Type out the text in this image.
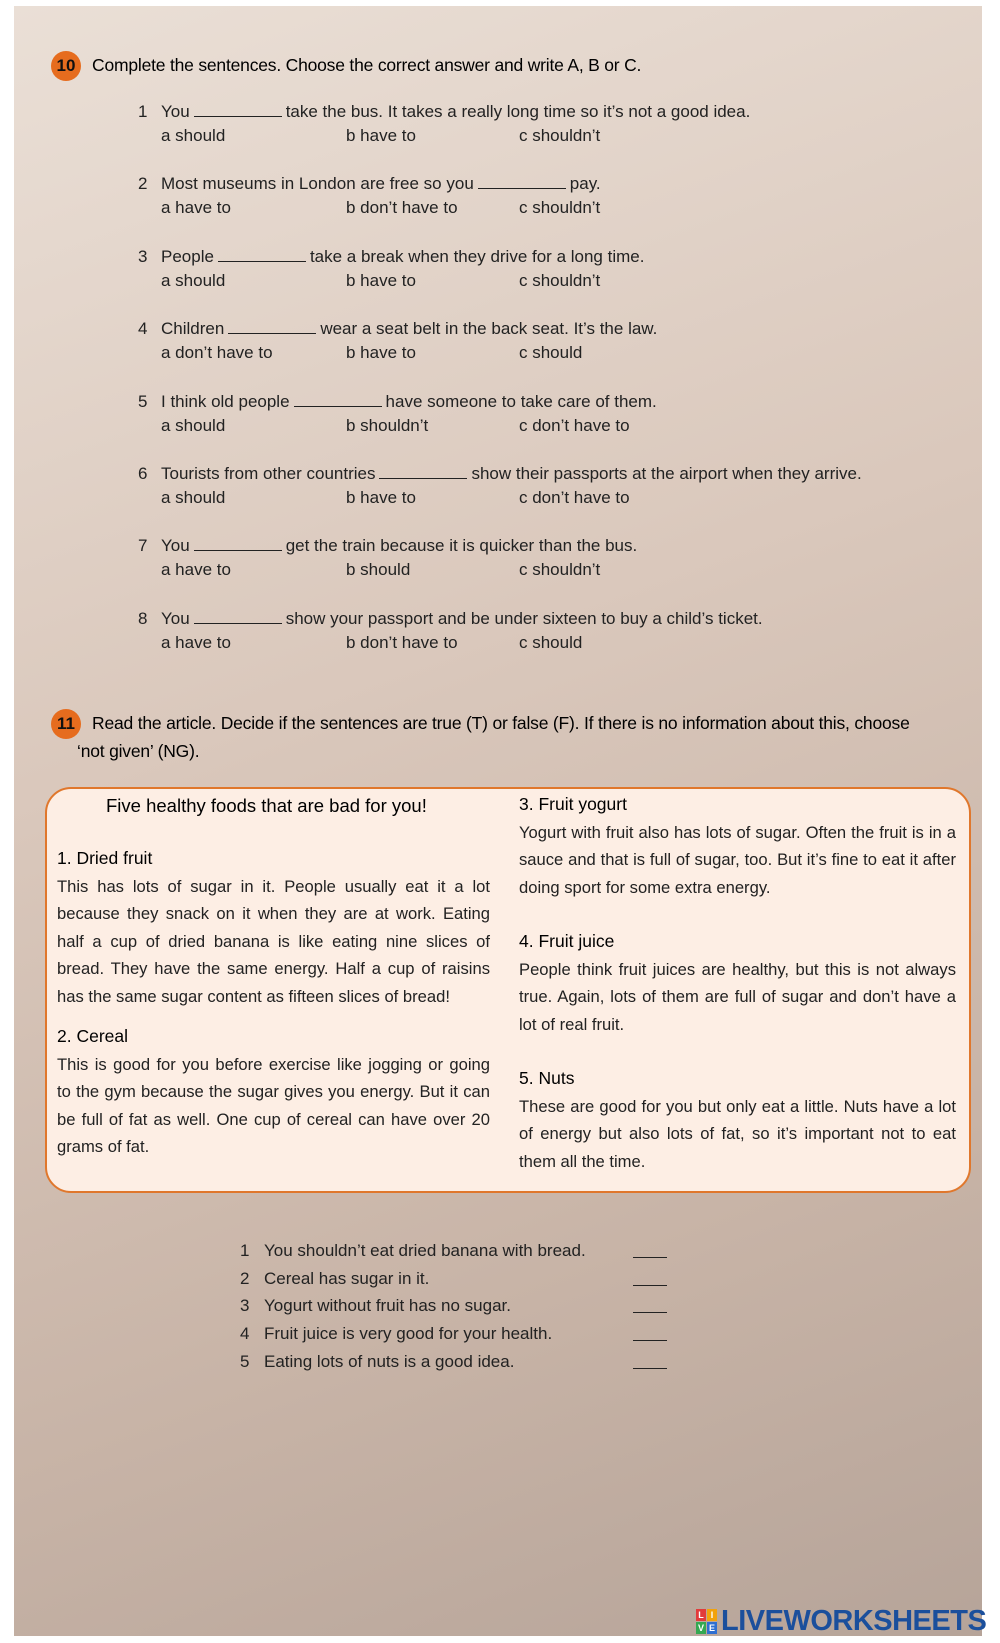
10 Complete the sentences. Choose the correct answer and write A, B or C.
1 You	take the bus. It takes a really long time so it’s not a good idea.
a should	b have to	c shouldn’t
2 Most museums in London are free so you	pay.
a have to	b don’t have to	c shouldn’t
3 People	take a break when they drive for a long time.
a should	b have to	c shouldn’t
4 Children	wear a seat belt in the back seat. It’s the law.
a don’t have to	b have to	c should
5 I think old people	have someone to take care of them.
a should	b shouldn’t	c don’t have to
6 Tourists from other countries	show their passports at the airport when they arrive.
a should	b have to	c don’t have to
7 You	get the train because it is quicker than the bus.
a have to	b should	c shouldn’t
8 You	show your passport and be under sixteen to buy a child’s ticket.
a have to	b don’t have to	c should
11 Read the article. Decide if the sentences are true (T) or false (F). If there is no information about this, choose
‘not given’ (NG).

Five healthy foods that are bad for you!

1. Dried fruit

This has lots of sugar in it. People usually eat it a lot because they snack on it when they are at work. Eating half a cup of dried banana is like eating nine slices of bread. They have the same energy. Half a cup of raisins has the same sugar content as fifteen slices of bread!

2. Cereal

This is good for you before exercise like jogging or going to the gym because the sugar gives you energy. But it can be full of fat as well. One cup of cereal can have over 20 grams of fat.

3. Fruit yogurt

Yogurt with fruit also has lots of sugar. Often the fruit is in a sauce and that is full of sugar, too. But it’s fine to eat it after doing sport for some extra energy.

4. Fruit juice

People think fruit juices are healthy, but this is not always true. Again, lots of them are full of sugar and don’t have a lot of real fruit.

5. Nuts

These are good for you but only eat a little. Nuts have a lot of energy but also lots of fat, so it’s important not to eat them all the time.

1 You shouldn’t eat dried banana with bread.
2 Cereal has sugar in it.
3 Yogurt without fruit has no sugar.
4 Fruit juice is very good for your health.
5 Eating lots of nuts is a good idea.
L I
V E LIVEWORKSHEETS
